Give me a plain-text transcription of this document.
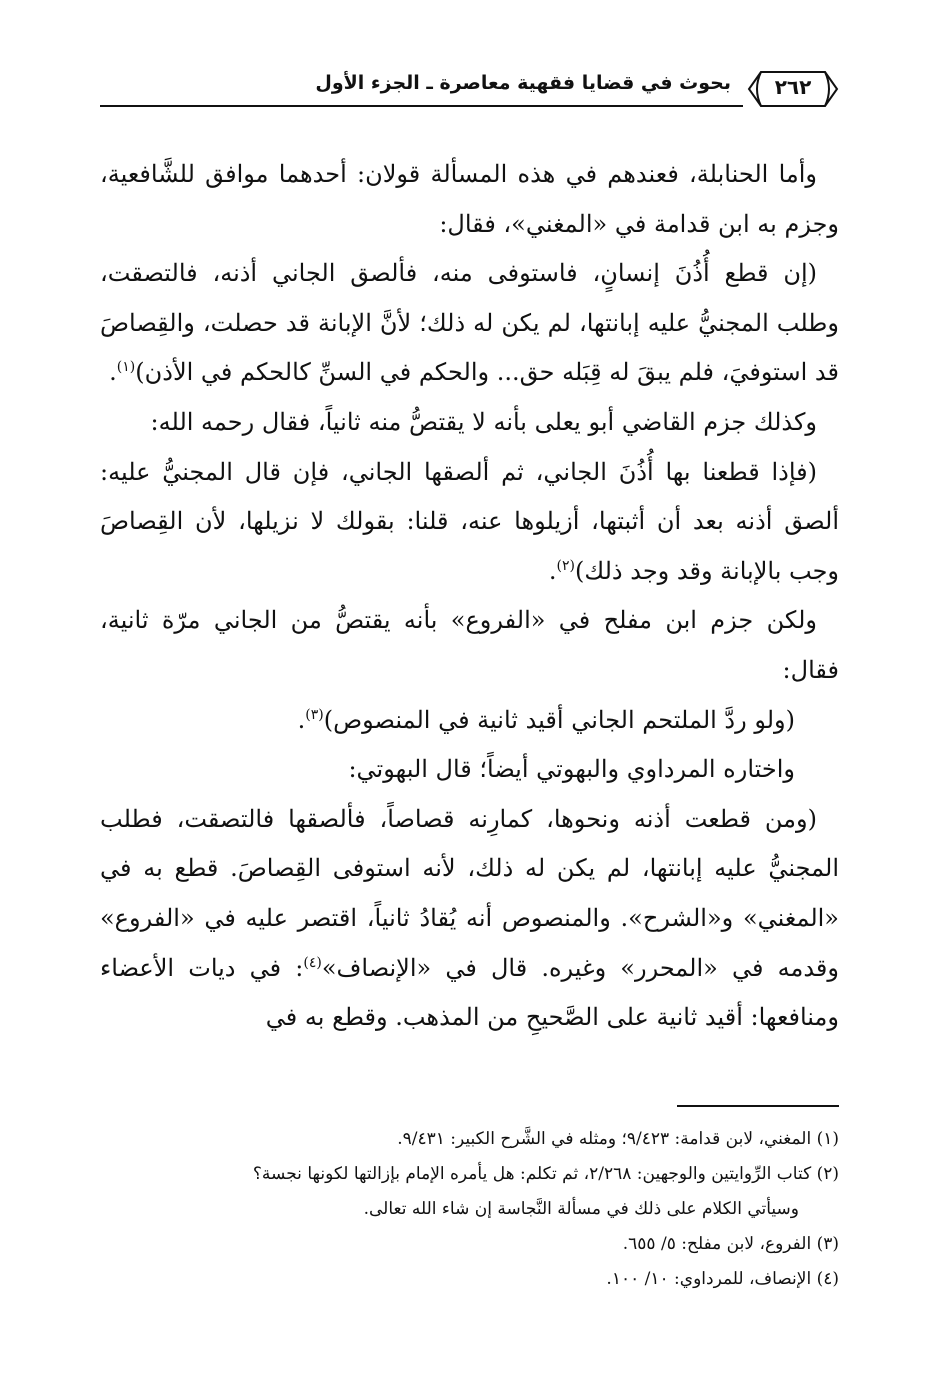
بحوث في قضايا فقهية معاصرة ـ الجزء الأول	٢٦٢

وأما الحنابلة، فعندهم في هذه المسألة قولان: أحدهما موافق للشَّافعية، وجزم به ابن قدامة في «المغني»، فقال:

(إن قطع أُذُنَ إنسانٍ، فاستوفى منه، فألصق الجاني أذنه، فالتصقت، وطلب المجنيُّ عليه إبانتها، لم يكن له ذلك؛ لأنَّ الإبانة قد حصلت، والقِصاصَ قد استوفيَ، فلم يبقَ له قِبَله حق... والحكم في السنِّ كالحكم في الأذن)$^{(١)}$.

وكذلك جزم القاضي أبو يعلى بأنه لا يقتصُّ منه ثانياً، فقال رحمه الله:

(فإذا قطعنا بها أُذُنَ الجاني، ثم ألصقها الجاني، فإن قال المجنيُّ عليه: ألصق أذنه بعد أن أثبتها، أزيلوها عنه، قلنا: بقولك لا نزيلها، لأن القِصاصَ وجب بالإبانة وقد وجد ذلك)$^{(٢)}$.

ولكن جزم ابن مفلح في «الفروع» بأنه يقتصُّ من الجاني مرّة ثانية، فقال:

(ولو ردَّ الملتحم الجاني أقيد ثانية في المنصوص)$^{(٣)}$.

واختاره المرداوي والبهوتي أيضاً؛ قال البهوتي:

(ومن قطعت أذنه ونحوها، كمارِنه قصاصاً، فألصقها فالتصقت، فطلب المجنيُّ عليه إبانتها، لم يكن له ذلك، لأنه استوفى القِصاصَ. قطع به في «المغني» و«الشرح». والمنصوص أنه يُقادُ ثانياً، اقتصر عليه في «الفروع» وقدمه في «المحرر» وغيره. قال في «الإنصاف»$^{(٤)}$: في ديات الأعضاء ومنافعها: أقيد ثانية على الصَّحيحِ من المذهب. وقطع به في

(١) المغني، لابن قدامة: ٩/٤٢٣؛ ومثله في الشَّرح الكبير: ٩/٤٣١.

(٢) كتاب الرِّوايتين والوجهين: ٢/٢٦٨، ثم تكلم: هل يأمره الإمام بإزالتها لكونها نجسة؟

وسيأتي الكلام على ذلك في مسألة النَّجاسة إن شاء الله تعالى.

(٣) الفروع، لابن مفلح: ٥/ ٦٥٥.

(٤) الإنصاف، للمرداوي: ١٠/ ١٠٠.
